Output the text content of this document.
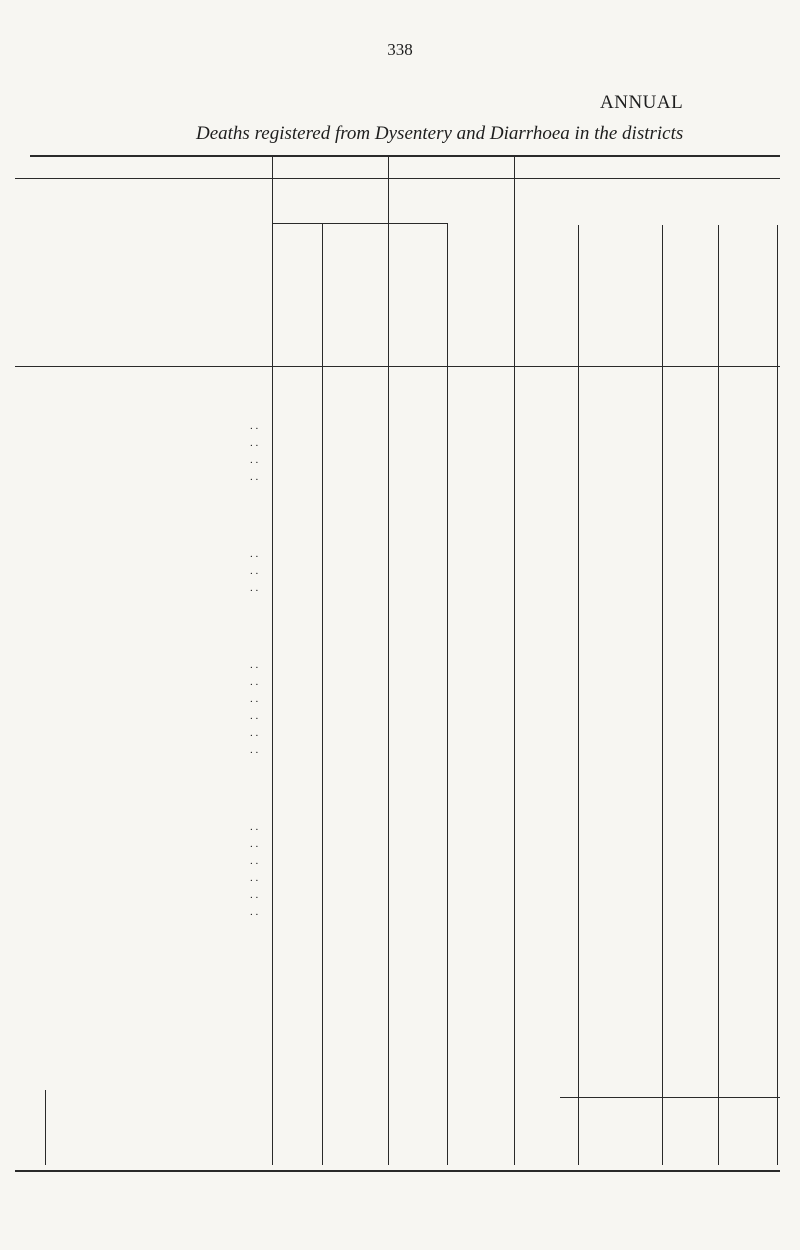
338
ANNUAL
Deaths registered from Dysentery and Diarrhoea in the districts
. .
. .
. .
. .
. .
. .
. .
. .
. .
. .
. .
. .
. .
. .
. .
. .
. .
. .
. .
